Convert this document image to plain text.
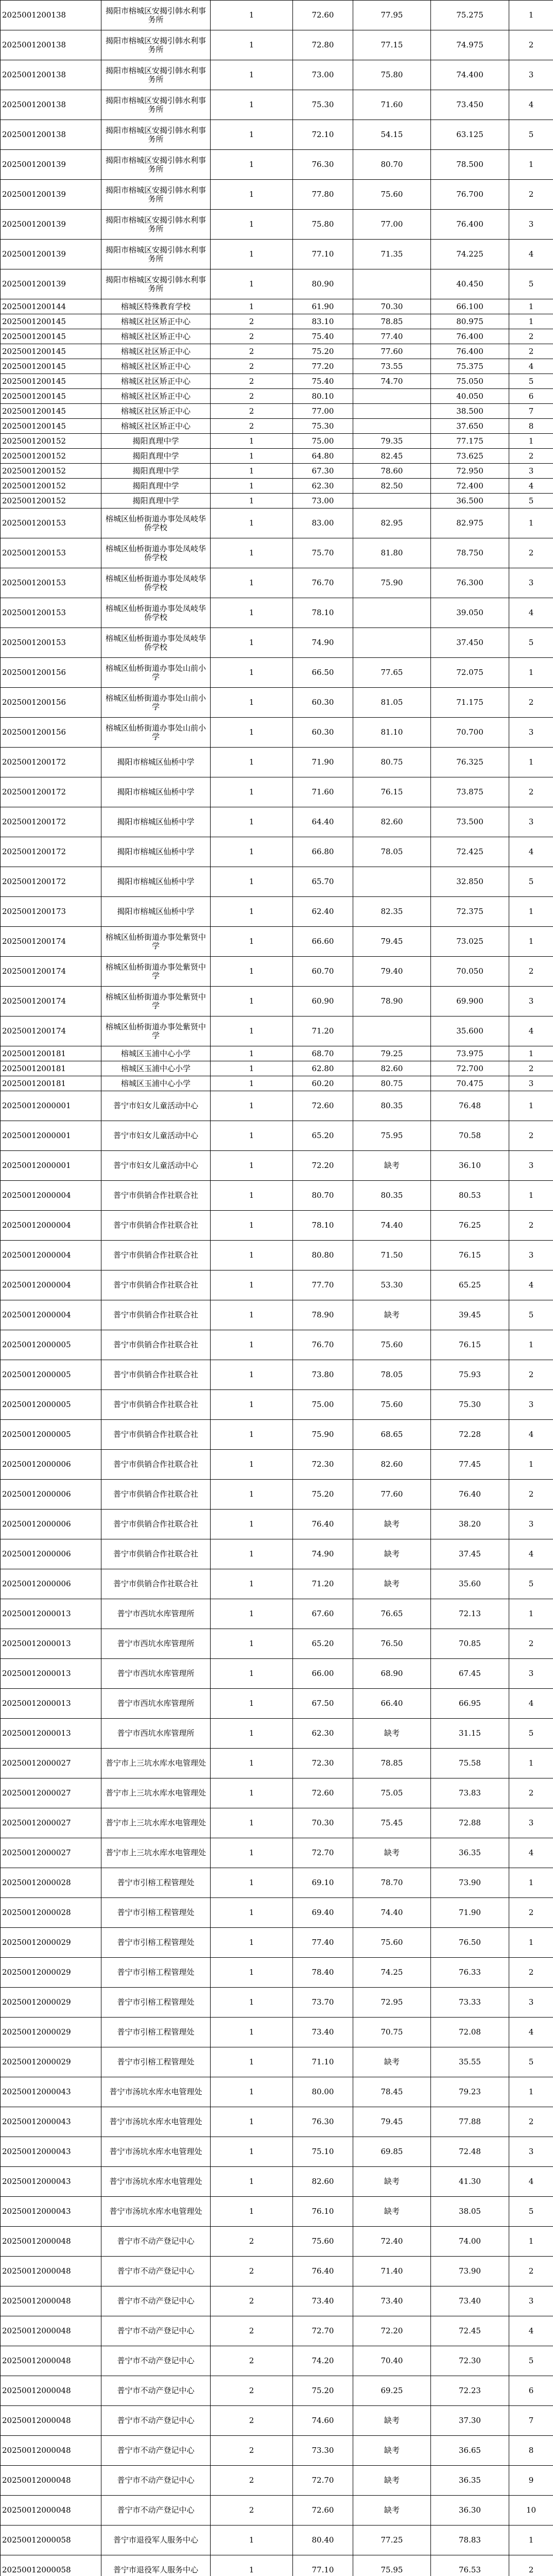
2025001200138	揭阳市榕城区安揭引韩水利事务所	1	72.60	77.95	75.275	1
2025001200138	揭阳市榕城区安揭引韩水利事务所	1	72.80	77.15	74.975	2
2025001200138	揭阳市榕城区安揭引韩水利事务所	1	73.00	75.80	74.400	3
2025001200138	揭阳市榕城区安揭引韩水利事务所	1	75.30	71.60	73.450	4
2025001200138	揭阳市榕城区安揭引韩水利事务所	1	72.10	54.15	63.125	5
2025001200139	揭阳市榕城区安揭引韩水利事务所	1	76.30	80.70	78.500	1
2025001200139	揭阳市榕城区安揭引韩水利事务所	1	77.80	75.60	76.700	2
2025001200139	揭阳市榕城区安揭引韩水利事务所	1	75.80	77.00	76.400	3
2025001200139	揭阳市榕城区安揭引韩水利事务所	1	77.10	71.35	74.225	4
2025001200139	揭阳市榕城区安揭引韩水利事务所	1	80.90		40.450	5
2025001200144	榕城区特殊教育学校	1	61.90	70.30	66.100	1
2025001200145	榕城区社区矫正中心	2	83.10	78.85	80.975	1
2025001200145	榕城区社区矫正中心	2	75.40	77.40	76.400	2
2025001200145	榕城区社区矫正中心	2	75.20	77.60	76.400	2
2025001200145	榕城区社区矫正中心	2	77.20	73.55	75.375	4
2025001200145	榕城区社区矫正中心	2	75.40	74.70	75.050	5
2025001200145	榕城区社区矫正中心	2	80.10		40.050	6
2025001200145	榕城区社区矫正中心	2	77.00		38.500	7
2025001200145	榕城区社区矫正中心	2	75.30		37.650	8
2025001200152	揭阳真理中学	1	75.00	79.35	77.175	1
2025001200152	揭阳真理中学	1	64.80	82.45	73.625	2
2025001200152	揭阳真理中学	1	67.30	78.60	72.950	3
2025001200152	揭阳真理中学	1	62.30	82.50	72.400	4
2025001200152	揭阳真理中学	1	73.00		36.500	5
2025001200153	榕城区仙桥街道办事处凤岐华侨学校	1	83.00	82.95	82.975	1
2025001200153	榕城区仙桥街道办事处凤岐华侨学校	1	75.70	81.80	78.750	2
2025001200153	榕城区仙桥街道办事处凤岐华侨学校	1	76.70	75.90	76.300	3
2025001200153	榕城区仙桥街道办事处凤岐华侨学校	1	78.10		39.050	4
2025001200153	榕城区仙桥街道办事处凤岐华侨学校	1	74.90		37.450	5
2025001200156	榕城区仙桥街道办事处山前小学	1	66.50	77.65	72.075	1
2025001200156	榕城区仙桥街道办事处山前小学	1	60.30	81.05	71.175	2
2025001200156	榕城区仙桥街道办事处山前小学	1	60.30	81.10	70.700	3
2025001200172	揭阳市榕城区仙桥中学	1	71.90	80.75	76.325	1
2025001200172	揭阳市榕城区仙桥中学	1	71.60	76.15	73.875	2
2025001200172	揭阳市榕城区仙桥中学	1	64.40	82.60	73.500	3
2025001200172	揭阳市榕城区仙桥中学	1	66.80	78.05	72.425	4
2025001200172	揭阳市榕城区仙桥中学	1	65.70		32.850	5
2025001200173	揭阳市榕城区仙桥中学	1	62.40	82.35	72.375	1
2025001200174	榕城区仙桥街道办事处紫贤中学	1	66.60	79.45	73.025	1
2025001200174	榕城区仙桥街道办事处紫贤中学	1	60.70	79.40	70.050	2
2025001200174	榕城区仙桥街道办事处紫贤中学	1	60.90	78.90	69.900	3
2025001200174	榕城区仙桥街道办事处紫贤中学	1	71.20		35.600	4
2025001200181	榕城区玉浦中心小学	1	68.70	79.25	73.975	1
2025001200181	榕城区玉浦中心小学	1	62.80	82.60	72.700	2
2025001200181	榕城区玉浦中心小学	1	60.20	80.75	70.475	3
20250012000001	普宁市妇女儿童活动中心	1	72.60	80.35	76.48	1
20250012000001	普宁市妇女儿童活动中心	1	65.20	75.95	70.58	2
20250012000001	普宁市妇女儿童活动中心	1	72.20	缺考	36.10	3
20250012000004	普宁市供销合作社联合社	1	80.70	80.35	80.53	1
20250012000004	普宁市供销合作社联合社	1	78.10	74.40	76.25	2
20250012000004	普宁市供销合作社联合社	1	80.80	71.50	76.15	3
20250012000004	普宁市供销合作社联合社	1	77.70	53.30	65.25	4
20250012000004	普宁市供销合作社联合社	1	78.90	缺考	39.45	5
20250012000005	普宁市供销合作社联合社	1	76.70	75.60	76.15	1
20250012000005	普宁市供销合作社联合社	1	73.80	78.05	75.93	2
20250012000005	普宁市供销合作社联合社	1	75.00	75.60	75.30	3
20250012000005	普宁市供销合作社联合社	1	75.90	68.65	72.28	4
20250012000006	普宁市供销合作社联合社	1	72.30	82.60	77.45	1
20250012000006	普宁市供销合作社联合社	1	75.20	77.60	76.40	2
20250012000006	普宁市供销合作社联合社	1	76.40	缺考	38.20	3
20250012000006	普宁市供销合作社联合社	1	74.90	缺考	37.45	4
20250012000006	普宁市供销合作社联合社	1	71.20	缺考	35.60	5
20250012000013	普宁市西坑水库管理所	1	67.60	76.65	72.13	1
20250012000013	普宁市西坑水库管理所	1	65.20	76.50	70.85	2
20250012000013	普宁市西坑水库管理所	1	66.00	68.90	67.45	3
20250012000013	普宁市西坑水库管理所	1	67.50	66.40	66.95	4
20250012000013	普宁市西坑水库管理所	1	62.30	缺考	31.15	5
20250012000027	普宁市上三坑水库水电管理处	1	72.30	78.85	75.58	1
20250012000027	普宁市上三坑水库水电管理处	1	72.60	75.05	73.83	2
20250012000027	普宁市上三坑水库水电管理处	1	70.30	75.45	72.88	3
20250012000027	普宁市上三坑水库水电管理处	1	72.70	缺考	36.35	4
20250012000028	普宁市引榕工程管理处	1	69.10	78.70	73.90	1
20250012000028	普宁市引榕工程管理处	1	69.40	74.40	71.90	2
20250012000029	普宁市引榕工程管理处	1	77.40	75.60	76.50	1
20250012000029	普宁市引榕工程管理处	1	78.40	74.25	76.33	2
20250012000029	普宁市引榕工程管理处	1	73.70	72.95	73.33	3
20250012000029	普宁市引榕工程管理处	1	73.40	70.75	72.08	4
20250012000029	普宁市引榕工程管理处	1	71.10	缺考	35.55	5
20250012000043	普宁市汤坑水库水电管理处	1	80.00	78.45	79.23	1
20250012000043	普宁市汤坑水库水电管理处	1	76.30	79.45	77.88	2
20250012000043	普宁市汤坑水库水电管理处	1	75.10	69.85	72.48	3
20250012000043	普宁市汤坑水库水电管理处	1	82.60	缺考	41.30	4
20250012000043	普宁市汤坑水库水电管理处	1	76.10	缺考	38.05	5
20250012000048	普宁市不动产登记中心	2	75.60	72.40	74.00	1
20250012000048	普宁市不动产登记中心	2	76.40	71.40	73.90	2
20250012000048	普宁市不动产登记中心	2	73.40	73.40	73.40	3
20250012000048	普宁市不动产登记中心	2	72.70	72.20	72.45	4
20250012000048	普宁市不动产登记中心	2	74.20	70.40	72.30	5
20250012000048	普宁市不动产登记中心	2	75.20	69.25	72.23	6
20250012000048	普宁市不动产登记中心	2	74.60	缺考	37.30	7
20250012000048	普宁市不动产登记中心	2	73.30	缺考	36.65	8
20250012000048	普宁市不动产登记中心	2	72.70	缺考	36.35	9
20250012000048	普宁市不动产登记中心	2	72.60	缺考	36.30	10
20250012000058	普宁市退役军人服务中心	1	80.40	77.25	78.83	1
20250012000058	普宁市退役军人服务中心	1	77.10	75.95	76.53	2
